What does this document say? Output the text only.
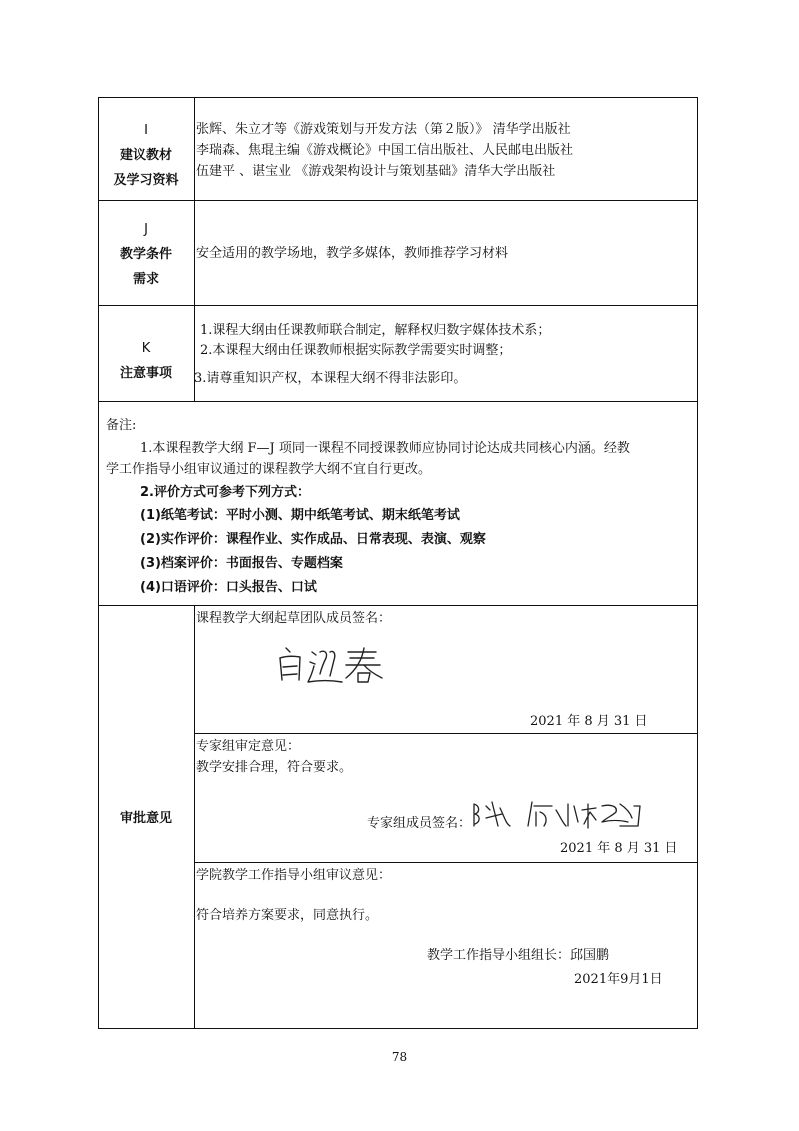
I
建议教材
及学习资料
张辉、朱立才等《游戏策划与开发方法（第２版）》 清华学出版社
李瑞森、焦琨主编《游戏概论》中国工信出版社、人民邮电出版社
伍建平 、谌宝业 《游戏架构设计与策划基础》清华大学出版社
J
教学条件
需求
安全适用的教学场地，教学多媒体，教师推荐学习材料
K
注意事项
1.课程大纲由任课教师联合制定，解释权归数字媒体技术系；
2.本课程大纲由任课教师根据实际教学需要实时调整；
3.请尊重知识产权，本课程大纲不得非法影印。
备注:
1.本课程教学大纲 F—J 项同一课程不同授课教师应协同讨论达成共同核心内涵。经教
学工作指导小组审议通过的课程教学大纲不宜自行更改。
2.评价方式可参考下列方式：
(1)纸笔考试：平时小测、期中纸笔考试、期末纸笔考试
(2)实作评价：课程作业、实作成品、日常表现、表演、观察
(3)档案评价：书面报告、专题档案
(4)口语评价：口头报告、口试
审批意见
课程教学大纲起草团队成员签名：
2021 年 8 月 31 日
专家组审定意见：
教学安排合理，符合要求。
专家组成员签名：
2021 年 8 月 31 日
学院教学工作指导小组审议意见：
符合培养方案要求，同意执行。
教学工作指导小组组长：邱国鹏
2021年9月1日
78
